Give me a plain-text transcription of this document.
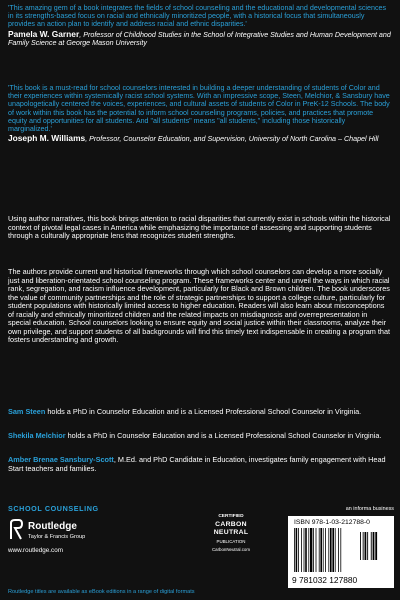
'This amazing gem of a book integrates the fields of school counseling and the educational and developmental sciences in its strengths-based focus on racial and ethnically minoritized people, with a historical focus that simultaneously provides an action plan to identify and address racial and ethnic disparities.'

Pamela W. Garner, Professor of Childhood Studies in the School of Integrative Studies and Human Development and Family Science at George Mason University

'This book is a must-read for school counselors interested in building a deeper understanding of students of Color and their experiences within systemically racist school systems. With an impressive scope, Steen, Melchior, & Sansbury have unapologetically centered the voices, experiences, and cultural assets of students of Color in PreK-12 Schools. The body of work within this book has the potential to inform school counseling programs, policies, and practices that promote equity and opportunities for all students. And "all students" means "all students," including those historically marginalized.'

Joseph M. Williams, Professor, Counselor Education, and Supervision, University of North Carolina – Chapel Hill

Using author narratives, this book brings attention to racial disparities that currently exist in schools within the historical context of pivotal legal cases in America while emphasizing the importance of assessing and supporting students through a culturally appropriate lens that recognizes student strengths.

The authors provide current and historical frameworks through which school counselors can develop a more socially just and liberation-orientated school counseling program. These frameworks center and unveil the ways in which racial rank, segregation, and racism influence development, particularly for Black and Brown children. The book underscores the value of community partnerships and the role of strategic partnerships to support a college culture, particularly for student populations with historically limited access to higher education. Readers will also learn about misconceptions of racially and ethnically minoritized children and the related impacts on misdiagnosis and overrepresentation in special education. School counselors looking to ensure equity and social justice within their classrooms, analyze their own privilege, and support students of all backgrounds will find this timely text indispensable in creating a program that fosters understanding and growth.

Sam Steen holds a PhD in Counselor Education and is a Licensed Professional School Counselor in Virginia.

Shekila Melchior holds a PhD in Counselor Education and is a Licensed Professional School Counselor in Virginia.

Amber Brenae Sansbury-Scott, M.Ed. and PhD Candidate in Education, investigates family engagement with Head Start teachers and families.

SCHOOL COUNSELING
Routledge
Taylor & Francis Group
www.routledge.com
CERTIFIED
CARBON
NEUTRAL
PUBLICATION
CarbonNeutral.com
an informa business
ISBN 978-1-03-212788-0
9 781032 127880
Routledge titles are available as eBook editions in a range of digital formats
